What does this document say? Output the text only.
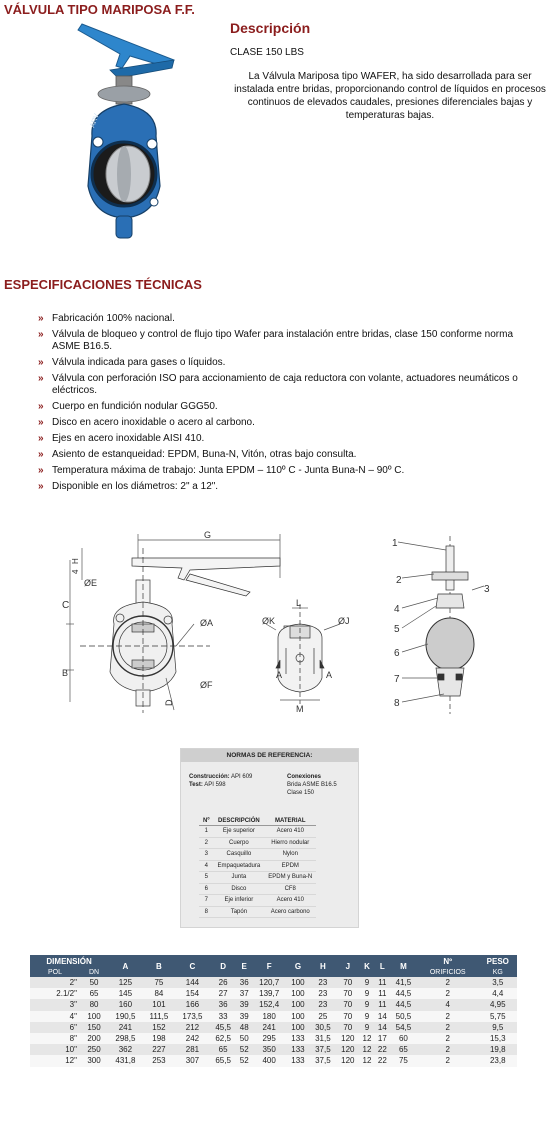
VÁLVULA TIPO MARIPOSA F.F.
ARV
Descripción
CLASE 150 LBS
La Válvula Mariposa tipo WAFER, ha sido desarrollada para ser instalada entre bridas, proporcionando control de líquidos en procesos continuos de elevados caudales, presiones diferenciales bajas y temperaturas bajas.
ESPECIFICACIONES TÉCNICAS
» Fabricación 100% nacional.
» Válvula de bloqueo y control de flujo tipo Wafer para instalación entre bridas, clase 150 conforme norma ASME B16.5.
» Válvula indicada para gases o líquidos.
» Válvula con perforación ISO para accionamiento de caja reductora con volante, actuadores neumáticos o eléctricos.
» Cuerpo en fundición nodular GGG50.
» Disco en acero inoxidable o acero al carbono.
» Ejes en acero inoxidable AISI 410.
» Asiento de estanqueidad: EPDM, Buna-N, Vitón, otras bajo consulta.
» Temperatura máxima de trabajo: Junta EPDM – 110º C - Junta Buna-N – 90º C.
» Disponible en los diámetros: 2" a 12".
G
H
4
ØE
C
ØA
B
D
ØF
ØK
L
ØJ
A	A
M
1
2
3
4
5
6
7
8
NORMAS DE REFERENCIA:
Construcción: API 609
Test: API 598
Conexiones
Brida ASME B16.5
Clase 150
Nº	DESCRIPCIÓN	MATERIAL
1	Eje superior	Acero 410
2	Cuerpo	Hierro nodular
3	Casquillo	Nylon
4	Empaquetadura	EPDM
5	Junta	EPDM y Buna-N
6	Disco	CF8
7	Eje inferior	Acero 410
8	Tapón	Acero carbono
DIMENSIÓN		A	B	C	D	E	F	G	H	J	K	L	M	Nº	PESO
POL	DN													ORIFICIOS	KG
2"	50	125	75	144	26	36	120,7	100	23	70	9	11	41,5	2	3,5
2.1/2"	65	145	84	154	27	37	139,7	100	23	70	9	11	44,5	2	4,4
3"	80	160	101	166	36	39	152,4	100	23	70	9	11	44,5	4	4,95
4"	100	190,5	111,5	173,5	33	39	180	100	25	70	9	14	50,5	2	5,75
6"	150	241	152	212	45,5	48	241	100	30,5	70	9	14	54,5	2	9,5
8"	200	298,5	198	242	62,5	50	295	133	31,5	120	12	17	60	2	15,3
10"	250	362	227	281	65	52	350	133	37,5	120	12	22	65	2	19,8
12"	300	431,8	253	307	65,5	52	400	133	37,5	120	12	22	75	2	23,8
